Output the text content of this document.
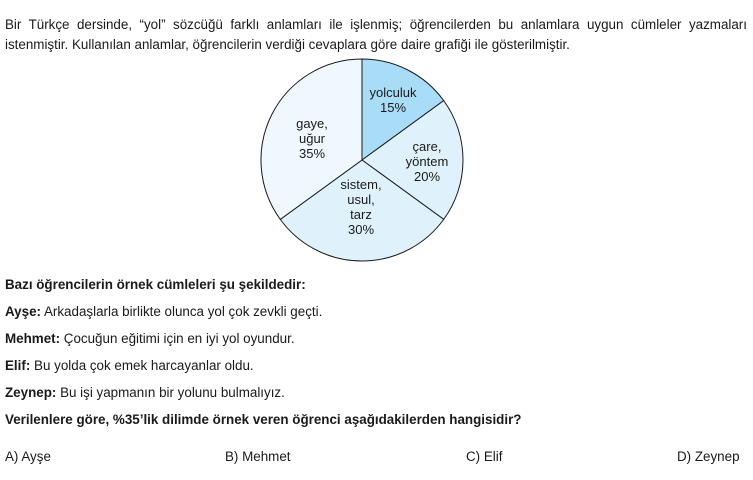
Bir Türkçe dersinde, “yol” sözcüğü farklı anlamları ile işlenmiş; öğrencilerden bu anlamlara uygun cümleler yazmaları istenmiştir. Kullanılan anlamlar, öğrencilerin verdiği cevaplara göre daire grafiği ile gösterilmiştir.
yolculuk 15%
çare, yöntem 20%
sistem, usul, tarz 30%
gaye, uğur 35%
Bazı öğrencilerin örnek cümleleri şu şekildedir:
Ayşe: Arkadaşlarla birlikte olunca yol çok zevkli geçti.
Mehmet: Çocuğun eğitimi için en iyi yol oyundur.
Elif: Bu yolda çok emek harcayanlar oldu.
Zeynep: Bu işi yapmanın bir yolunu bulmalıyız.
Verilenlere göre, %35’lik dilimde örnek veren öğrenci aşağıdakilerden hangisidir?
A) Ayşe	B) Mehmet	C) Elif	D) Zeynep
